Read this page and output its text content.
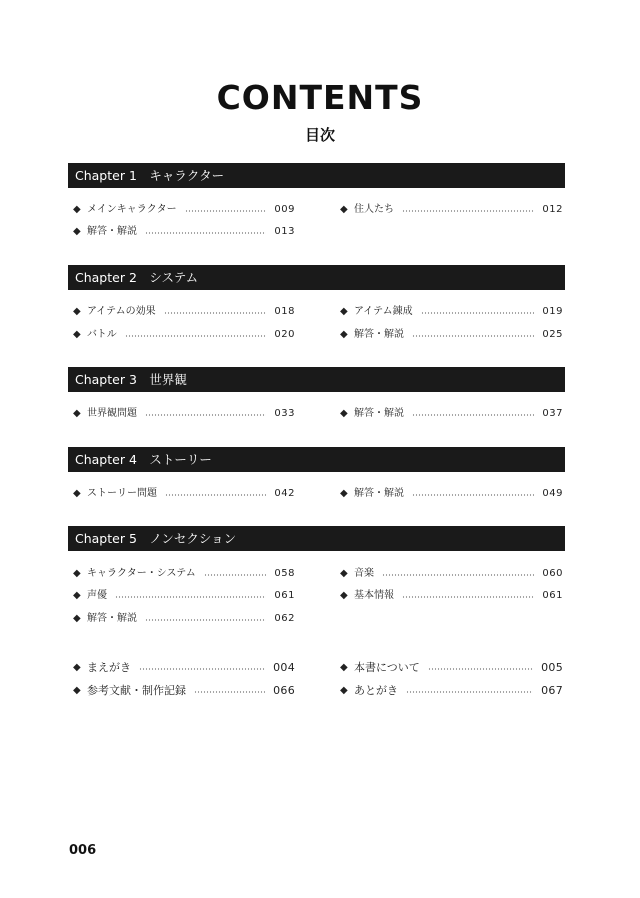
CONTENTS
目次
Chapter 1　キャラクター
◆ メインキャラクター	009	◆ 住人たち	012
◆ 解答・解説	013
Chapter 2　システム
◆ アイテムの効果	018	◆ アイテム錬成	019
◆ バトル	020	◆ 解答・解説	025
Chapter 3　世界観
◆ 世界観問題	033	◆ 解答・解説	037
Chapter 4　ストーリー
◆ ストーリー問題	042	◆ 解答・解説	049
Chapter 5　ノンセクション
◆ キャラクター・システム	058	◆ 音楽	060
◆ 声優	061	◆ 基本情報	061
◆ 解答・解説	062
◆ まえがき	004	◆ 本書について	005
◆ 参考文献・制作記録	066	◆ あとがき	067
006
